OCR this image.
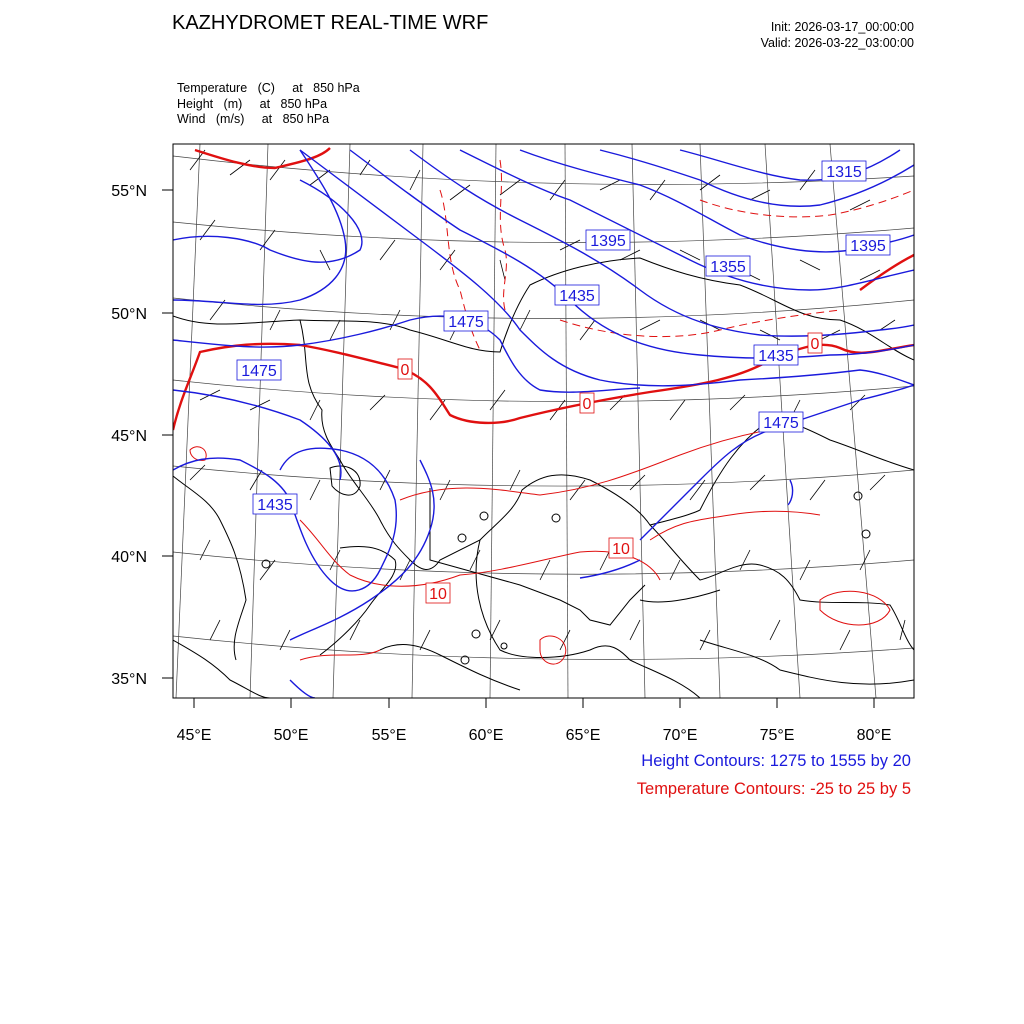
KAZHYDROMET REAL-TIME WRF	Init: 2026-03-17_00:00:00
Valid: 2026-03-22_03:00:00
Temperature   (C)     at   850 hPa
Height   (m)     at   850 hPa
Wind   (m/s)     at   850 hPa
1315
1395	1395
1355
1435
1475
1435
1475
1475
1435
0
0
0
10
10
55°N
50°N
45°N
40°N
35°N
45°E	50°E	55°E	60°E	65°E	70°E	75°E	80°E
Height Contours: 1275 to 1555 by 20
Temperature Contours: -25 to 25 by 5
